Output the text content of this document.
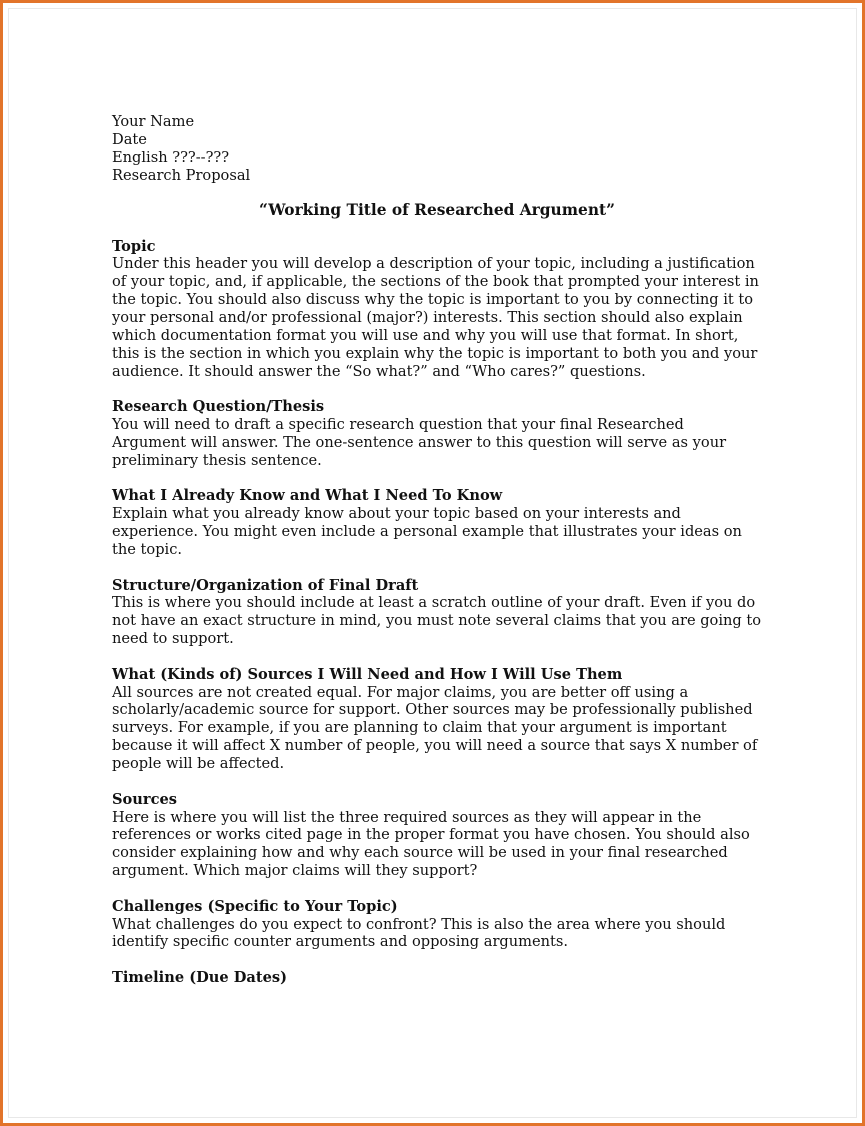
Your Name
Date
English ???--???
Research Proposal
“Working Title of Researched Argument”
Topic
Under this header you will develop a description of your topic, including a justification of your topic, and, if applicable, the sections of the book that prompted your interest in the topic. You should also discuss why the topic is important to you by connecting it to your personal and/or professional (major?) interests. This section should also explain which documentation format you will use and why you will use that format. In short, this is the section in which you explain why the topic is important to both you and your audience. It should answer the “So what?” and “Who cares?” questions.
Research Question/Thesis
You will need to draft a specific research question that your final Researched Argument will answer. The one-sentence answer to this question will serve as your preliminary thesis sentence.
What I Already Know and What I Need To Know
Explain what you already know about your topic based on your interests and experience. You might even include a personal example that illustrates your ideas on the topic.
Structure/Organization of Final Draft
This is where you should include at least a scratch outline of your draft. Even if you do not have an exact structure in mind, you must note several claims that you are going to need to support.
What (Kinds of) Sources I Will Need and How I Will Use Them
All sources are not created equal. For major claims, you are better off using a scholarly/academic source for support. Other sources may be professionally published surveys. For example, if you are planning to claim that your argument is important because it will affect X number of people, you will need a source that says X number of people will be affected.
Sources
Here is where you will list the three required sources as they will appear in the references or works cited page in the proper format you have chosen. You should also consider explaining how and why each source will be used in your final researched argument. Which major claims will they support?
Challenges (Specific to Your Topic)
What challenges do you expect to confront? This is also the area where you should identify specific counter arguments and opposing arguments.
Timeline (Due Dates)
